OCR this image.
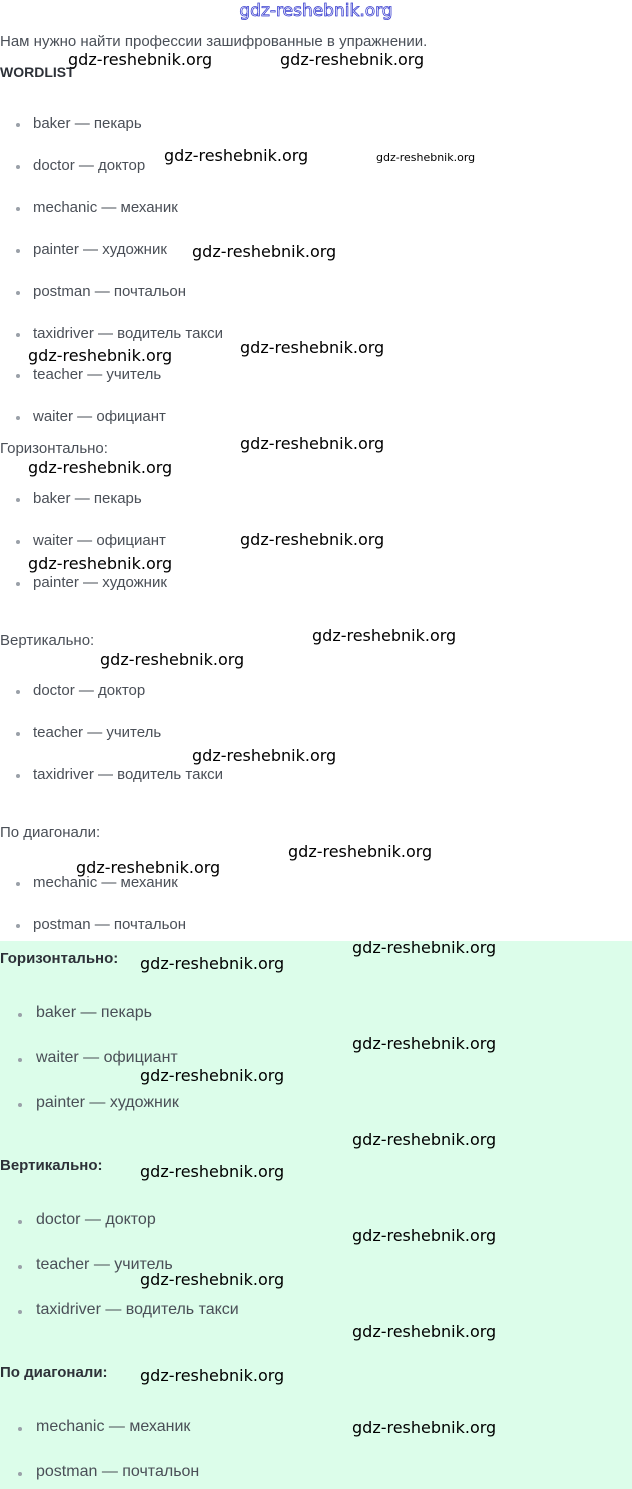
gdz-reshebnik.org
Нам нужно найти профессии зашифрованные в упражнении.
WORDLIST
baker — пекарь
doctor — доктор
mechanic — механик
painter — художник
postman — почтальон
taxidriver — водитель такси
teacher — учитель
waiter — официант
Горизонтально:
baker — пекарь
waiter — официант
painter — художник
Вертикально:
doctor — доктор
teacher — учитель
taxidriver — водитель такси
По диагонали:
mechanic — механик
postman — почтальон
Горизонтально:
baker — пекарь
waiter — официант
painter — художник
Вертикально:
doctor — доктор
teacher — учитель
taxidriver — водитель такси
По диагонали:
mechanic — механик
postman — почтальон
gdz-reshebnik.org	gdz-reshebnik.org
gdz-reshebnik.org	gdz-reshebnik.org
gdz-reshebnik.org
gdz-reshebnik.org
gdz-reshebnik.org
gdz-reshebnik.org
gdz-reshebnik.org
gdz-reshebnik.org
gdz-reshebnik.org
gdz-reshebnik.org
gdz-reshebnik.org
gdz-reshebnik.org
gdz-reshebnik.org
gdz-reshebnik.org
gdz-reshebnik.org
gdz-reshebnik.org
gdz-reshebnik.org
gdz-reshebnik.org
gdz-reshebnik.org
gdz-reshebnik.org
gdz-reshebnik.org
gdz-reshebnik.org
gdz-reshebnik.org
gdz-reshebnik.org
gdz-reshebnik.org
